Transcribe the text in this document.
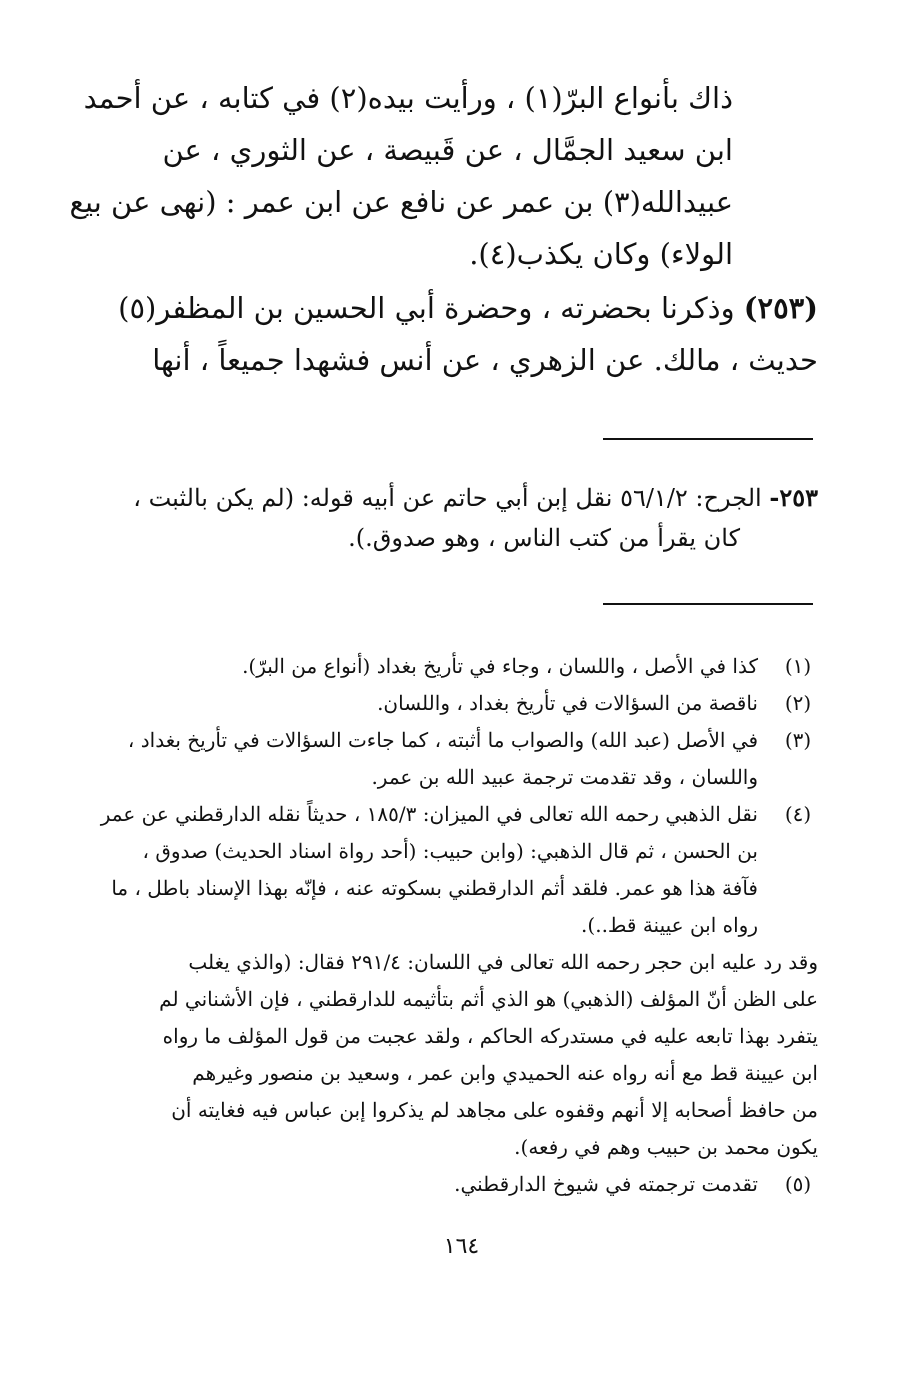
ذاك بأنواع البرّ(١) ، ورأيت بيده(٢) في كتابه ، عن أحمد
ابن سعيد الجمَّال ، عن قَبيصة ، عن الثوري ، عن
عبيدالله(٣) بن عمر عن نافع عن ابن عمر : (نهى عن بيع
الولاء) وكان يكذب(٤).
(٢٥٣) وذكرنا بحضرته ، وحضرة أبي الحسين بن المظفر(٥)
حديث ، مالك. عن الزهري ، عن أنس فشهدا جميعاً ، أنها
٢٥٣- الجرح: ٥٦/١/٢ نقل إبن أبي حاتم عن أبيه قوله: (لم يكن بالثبت ،
كان يقرأ من كتب الناس ، وهو صدوق.).
(١)
كذا في الأصل ، واللسان ، وجاء في تأريخ بغداد (أنواع من البرّ).
(٢)
ناقصة من السؤالات في تأريخ بغداد ، واللسان.
(٣)
في الأصل (عبد الله) والصواب ما أثبته ، كما جاءت السؤالات في تأريخ بغداد ،
واللسان ، وقد تقدمت ترجمة عبيد الله بن عمر.
(٤)
نقل الذهبي رحمه الله تعالى في الميزان: ١٨٥/٣ ، حديثاً نقله الدارقطني عن عمر
بن الحسن ، ثم قال الذهبي: (وابن حبيب: (أحد رواة اسناد الحديث) صدوق ،
فآفة هذا هو عمر. فلقد أثم الدارقطني بسكوته عنه ، فإنّه بهذا الإسناد باطل ، ما
رواه ابن عيينة قط..).
وقد رد عليه ابن حجر رحمه الله تعالى في اللسان: ٢٩١/٤ فقال: (والذي يغلب
على الظن أنّ المؤلف (الذهبي) هو الذي أثم بتأثيمه للدارقطني ، فإن الأشناني لم
يتفرد بهذا تابعه عليه في مستدركه الحاكم ، ولقد عجبت من قول المؤلف ما رواه
ابن عيينة قط مع أنه رواه عنه الحميدي وابن عمر ، وسعيد بن منصور وغيرهم
من حافظ أصحابه إلا أنهم وقفوه على مجاهد لم يذكروا إبن عباس فيه فغايته أن
يكون محمد بن حبيب وهم في رفعه).
(٥)
تقدمت ترجمته في شيوخ الدارقطني.
١٦٤
